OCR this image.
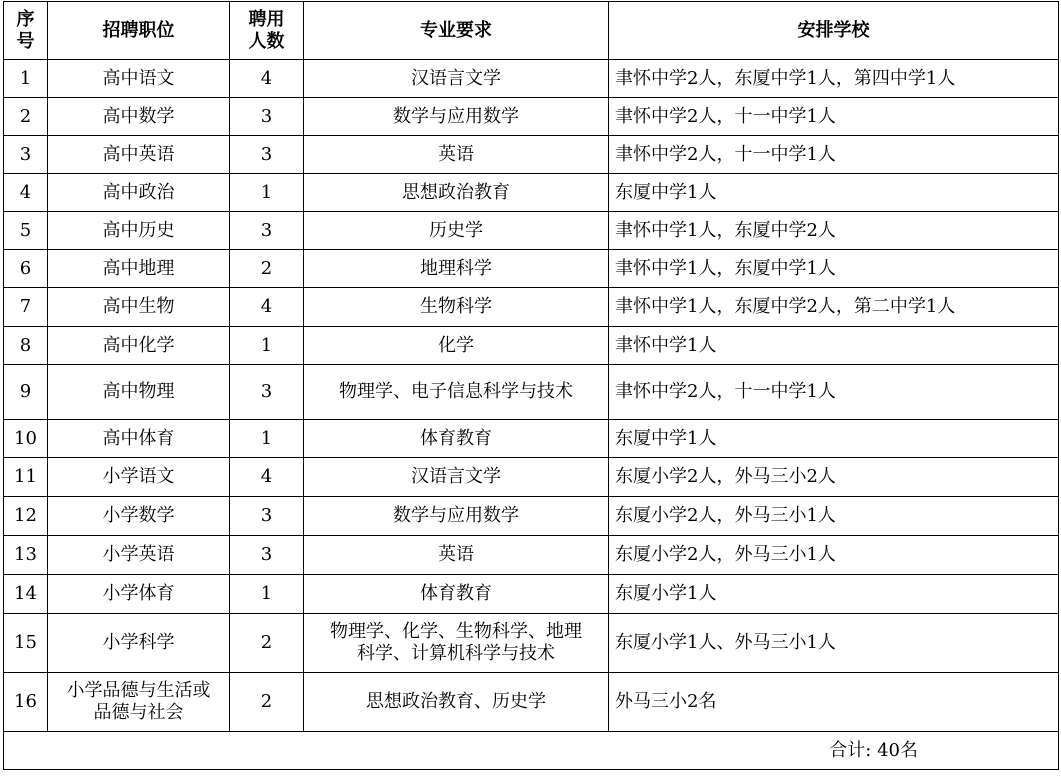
序
号	招聘职位	聘用
人数	专业要求	安排学校
1	高中语文	4	汉语言文学	聿怀中学2人，东厦中学1人，第四中学1人
2	高中数学	3	数学与应用数学	聿怀中学2人，十一中学1人
3	高中英语	3	英语	聿怀中学2人，十一中学1人
4	高中政治	1	思想政治教育	东厦中学1人
5	高中历史	3	历史学	聿怀中学1人，东厦中学2人
6	高中地理	2	地理科学	聿怀中学1人，东厦中学1人
7	高中生物	4	生物科学	聿怀中学1人，东厦中学2人，第二中学1人
8	高中化学	1	化学	聿怀中学1人
9	高中物理	3	物理学、电子信息科学与技术	聿怀中学2人，十一中学1人
10	高中体育	1	体育教育	东厦中学1人
11	小学语文	4	汉语言文学	东厦小学2人，外马三小2人
12	小学数学	3	数学与应用数学	东厦小学2人，外马三小1人
13	小学英语	3	英语	东厦小学2人，外马三小1人
14	小学体育	1	体育教育	东厦小学1人
15	小学科学	2	物理学、化学、生物科学、地理
科学、计算机科学与技术	东厦小学1人、外马三小1人
16	小学品德与生活或
品德与社会	2	思想政治教育、历史学	外马三小2名
合计: 40名				
